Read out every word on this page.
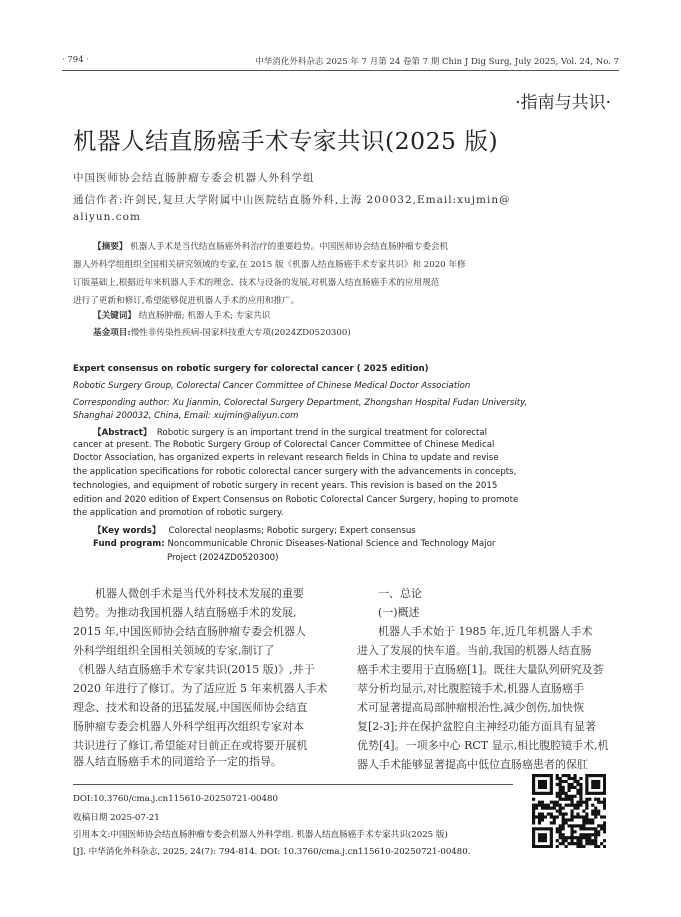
· 794 ·	中华消化外科杂志 2025 年 7 月第 24 卷第 7 期 Chin J Dig Surg, July 2025, Vol. 24, No. 7
·指南与共识·
机器人结直肠癌手术专家共识(2025 版)
中国医师协会结直肠肿瘤专委会机器人外科学组
通信作者:许剑民,复旦大学附属中山医院结直肠外科,上海 200032,Email:xujmin@
aliyun.com
【摘要】 机器人手术是当代结直肠癌外科治疗的重要趋势。中国医师协会结直肠肿瘤专委会机
器人外科学组组织全国相关研究领域的专家,在 2015 版《机器人结直肠癌手术专家共识》和 2020 年修
订版基础上,根据近年来机器人手术的理念、技术与设备的发展,对机器人结直肠癌手术的应用规范
进行了更新和修订,希望能够促进机器人手术的应用和推广。
【关键词】 结直肠肿瘤; 机器人手术; 专家共识
基金项目:慢性非传染性疾病-国家科技重大专项(2024ZD0520300)
Expert consensus on robotic surgery for colorectal cancer ( 2025 edition)
Robotic Surgery Group, Colorectal Cancer Committee of Chinese Medical Doctor Association
Corresponding author: Xu Jianmin, Colorectal Surgery Department, Zhongshan Hospital Fudan University,
Shanghai 200032, China, Email: xujmin@aliyun.com
【Abstract】 Robotic surgery is an important trend in the surgical treatment for colorectal
cancer at present. The Robotic Surgery Group of Colorectal Cancer Committee of Chinese Medical
Doctor Association, has organized experts in relevant research fields in China to update and revise
the application specifications for robotic colorectal cancer surgery with the advancements in concepts,
technologies, and equipment of robotic surgery in recent years. This revision is based on the 2015
edition and 2020 edition of Expert Consensus on Robotic Colorectal Cancer Surgery, hoping to promote
the application and promotion of robotic surgery.
【Key words】 Colorectal neoplasms; Robotic surgery; Expert consensus
Fund program: Noncommunicable Chronic Diseases-National Science and Technology Major
Project (2024ZD0520300)
机器人微创手术是当代外科技术发展的重要
趋势。为推动我国机器人结直肠癌手术的发展,
2015 年,中国医师协会结直肠肿瘤专委会机器人
外科学组组织全国相关领域的专家,制订了
《机器人结直肠癌手术专家共识(2015 版)》,并于
2020 年进行了修订。为了适应近 5 年来机器人手术
理念、技术和设备的迅猛发展,中国医师协会结直
肠肿瘤专委会机器人外科学组再次组织专家对本
共识进行了修订,希望能对目前正在或将要开展机
器人结直肠癌手术的同道给予一定的指导。
一、总论
(一)概述
机器人手术始于 1985 年,近几年机器人手术
进入了发展的快车道。当前,我国的机器人结直肠
癌手术主要用于直肠癌[1]。既往大量队列研究及荟
萃分析均显示,对比腹腔镜手术,机器人直肠癌手
术可显著提高局部肿瘤根治性,减少创伤,加快恢
复[2-3];并在保护盆腔自主神经功能方面具有显著
优势[4]。一项多中心 RCT 显示,相比腹腔镜手术,机
器人手术能够显著提高中低位直肠癌患者的保肛
DOI:10.3760/cma.j.cn115610-20250721-00480
收稿日期 2025-07-21
引用本文:中国医师协会结直肠肿瘤专委会机器人外科学组. 机器人结直肠癌手术专家共识(2025 版)
[J]. 中华消化外科杂志, 2025, 24(7): 794-814. DOI: 10.3760/cma.j.cn115610-20250721-00480.
